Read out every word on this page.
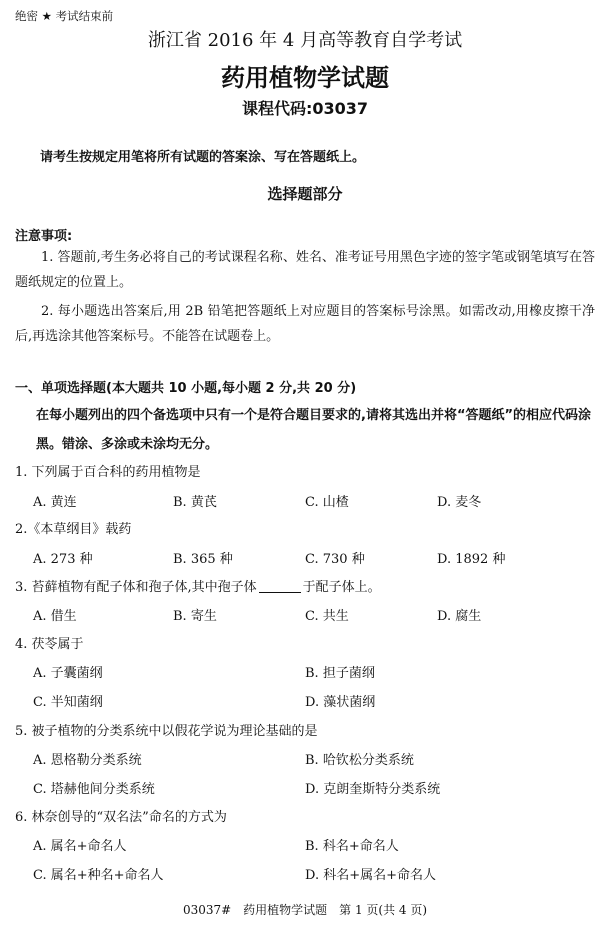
绝密 ★ 考试结束前
浙江省 2016 年 4 月高等教育自学考试
药用植物学试题
课程代码:03037
请考生按规定用笔将所有试题的答案涂、写在答题纸上。
选择题部分
注意事项:
1. 答题前,考生务必将自己的考试课程名称、姓名、准考证号用黑色字迹的签字笔或钢笔填写在答题纸规定的位置上。
2. 每小题选出答案后,用 2B 铅笔把答题纸上对应题目的答案标号涂黑。如需改动,用橡皮擦干净后,再选涂其他答案标号。不能答在试题卷上。
一、单项选择题(本大题共 10 小题,每小题 2 分,共 20 分)
在每小题列出的四个备选项中只有一个是符合题目要求的,请将其选出并将“答题纸”的相应代码涂黑。错涂、多涂或未涂均无分。
1. 下列属于百合科的药用植物是
A. 黄连	B. 黄芪	C. 山楂	D. 麦冬
2.《本草纲目》载药
A. 273 种	B. 365 种	C. 730 种	D. 1892 种
3. 苔藓植物有配子体和孢子体,其中孢子体	于配子体上。
A. 借生	B. 寄生	C. 共生	D. 腐生
4. 茯苓属于
A. 子囊菌纲	B. 担子菌纲
C. 半知菌纲	D. 藻状菌纲
5. 被子植物的分类系统中以假花学说为理论基础的是
A. 恩格勒分类系统	B. 哈钦松分类系统
C. 塔赫他间分类系统	D. 克朗奎斯特分类系统
6. 林奈创导的“双名法”命名的方式为
A. 属名+命名人	B. 科名+命名人
C. 属名+种名+命名人	D. 科名+属名+命名人
03037#　药用植物学试题　第 1 页(共 4 页)
